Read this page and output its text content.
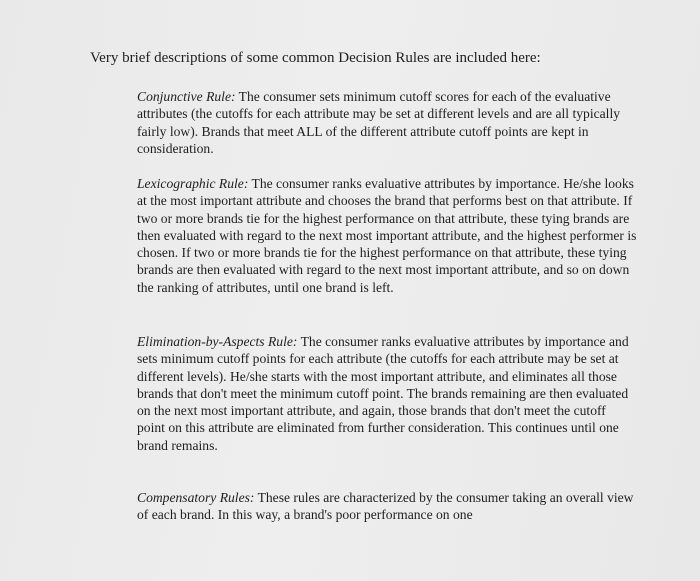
Very brief descriptions of some common Decision Rules are included here:

Conjunctive Rule: The consumer sets minimum cutoff scores for each of the evaluative attributes (the cutoffs for each attribute may be set at different levels and are all typically fairly low). Brands that meet ALL of the different attribute cutoff points are kept in consideration.

Lexicographic Rule: The consumer ranks evaluative attributes by importance. He/she looks at the most important attribute and chooses the brand that performs best on that attribute. If two or more brands tie for the highest performance on that attribute, these tying brands are then evaluated with regard to the next most important attribute, and the highest performer is chosen. If two or more brands tie for the highest performance on that attribute, these tying brands are then evaluated with regard to the next most important attribute, and so on down the ranking of attributes, until one brand is left.

Elimination-by-Aspects Rule: The consumer ranks evaluative attributes by importance and sets minimum cutoff points for each attribute (the cutoffs for each attribute may be set at different levels). He/she starts with the most important attribute, and eliminates all those brands that don't meet the minimum cutoff point. The brands remaining are then evaluated on the next most important attribute, and again, those brands that don't meet the cutoff point on this attribute are eliminated from further consideration. This continues until one brand remains.

Compensatory Rules: These rules are characterized by the consumer taking an overall view of each brand. In this way, a brand's poor performance on one
